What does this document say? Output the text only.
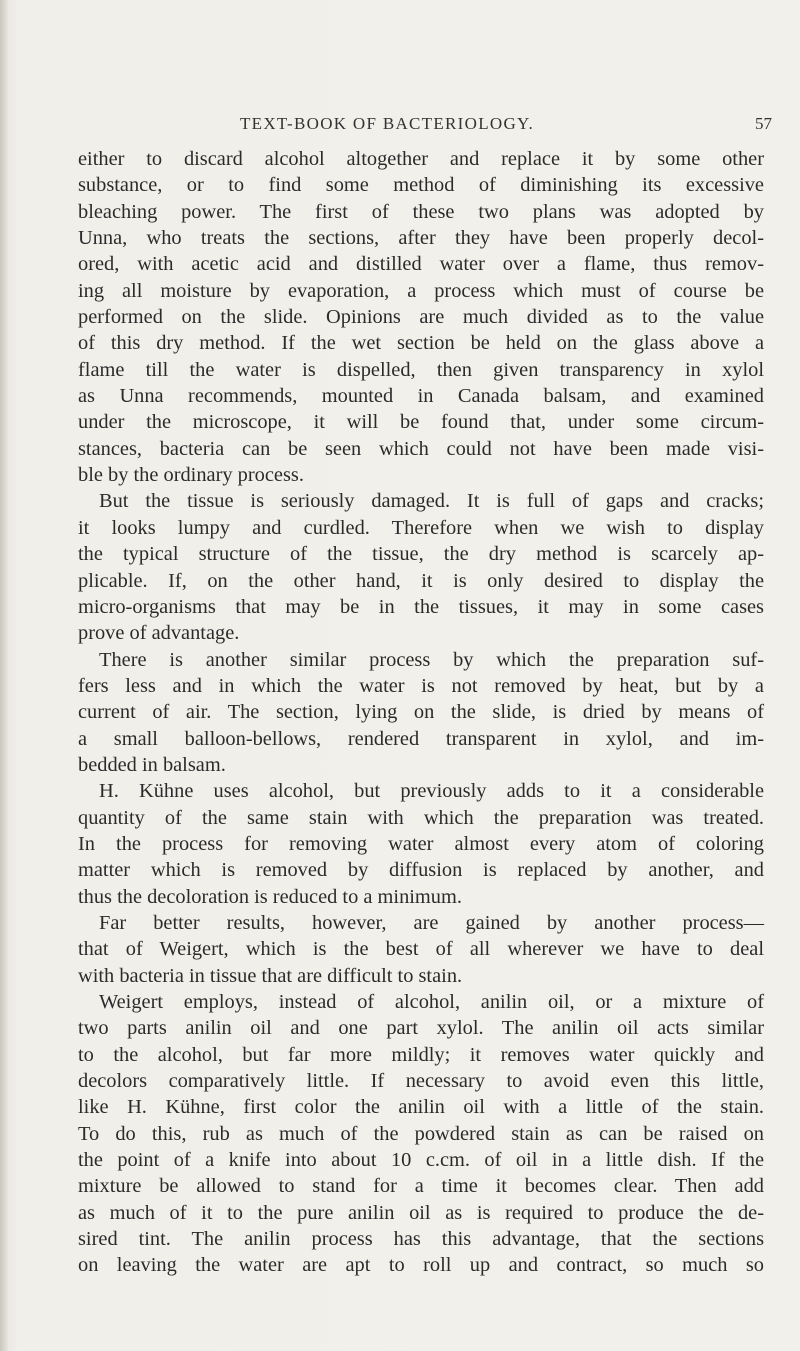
TEXT-BOOK OF BACTERIOLOGY.	57
either to discard alcohol altogether and replace it by some other
substance, or to find some method of diminishing its excessive
bleaching power. The first of these two plans was adopted by
Unna, who treats the sections, after they have been properly decol-
ored, with acetic acid and distilled water over a flame, thus remov-
ing all moisture by evaporation, a process which must of course be
performed on the slide. Opinions are much divided as to the value
of this dry method. If the wet section be held on the glass above a
flame till the water is dispelled, then given transparency in xylol
as Unna recommends, mounted in Canada balsam, and examined
under the microscope, it will be found that, under some circum-
stances, bacteria can be seen which could not have been made visi-
ble by the ordinary process.
But the tissue is seriously damaged. It is full of gaps and cracks;
it looks lumpy and curdled. Therefore when we wish to display
the typical structure of the tissue, the dry method is scarcely ap-
plicable. If, on the other hand, it is only desired to display the
micro-organisms that may be in the tissues, it may in some cases
prove of advantage.
There is another similar process by which the preparation suf-
fers less and in which the water is not removed by heat, but by a
current of air. The section, lying on the slide, is dried by means of
a small balloon-bellows, rendered transparent in xylol, and im-
bedded in balsam.
H. Kühne uses alcohol, but previously adds to it a considerable
quantity of the same stain with which the preparation was treated.
In the process for removing water almost every atom of coloring
matter which is removed by diffusion is replaced by another, and
thus the decoloration is reduced to a minimum.
Far better results, however, are gained by another process—
that of Weigert, which is the best of all wherever we have to deal
with bacteria in tissue that are difficult to stain.
Weigert employs, instead of alcohol, anilin oil, or a mixture of
two parts anilin oil and one part xylol. The anilin oil acts similar
to the alcohol, but far more mildly; it removes water quickly and
decolors comparatively little. If necessary to avoid even this little,
like H. Kühne, first color the anilin oil with a little of the stain.
To do this, rub as much of the powdered stain as can be raised on
the point of a knife into about 10 c.cm. of oil in a little dish. If the
mixture be allowed to stand for a time it becomes clear. Then add
as much of it to the pure anilin oil as is required to produce the de-
sired tint. The anilin process has this advantage, that the sections
on leaving the water are apt to roll up and contract, so much so
